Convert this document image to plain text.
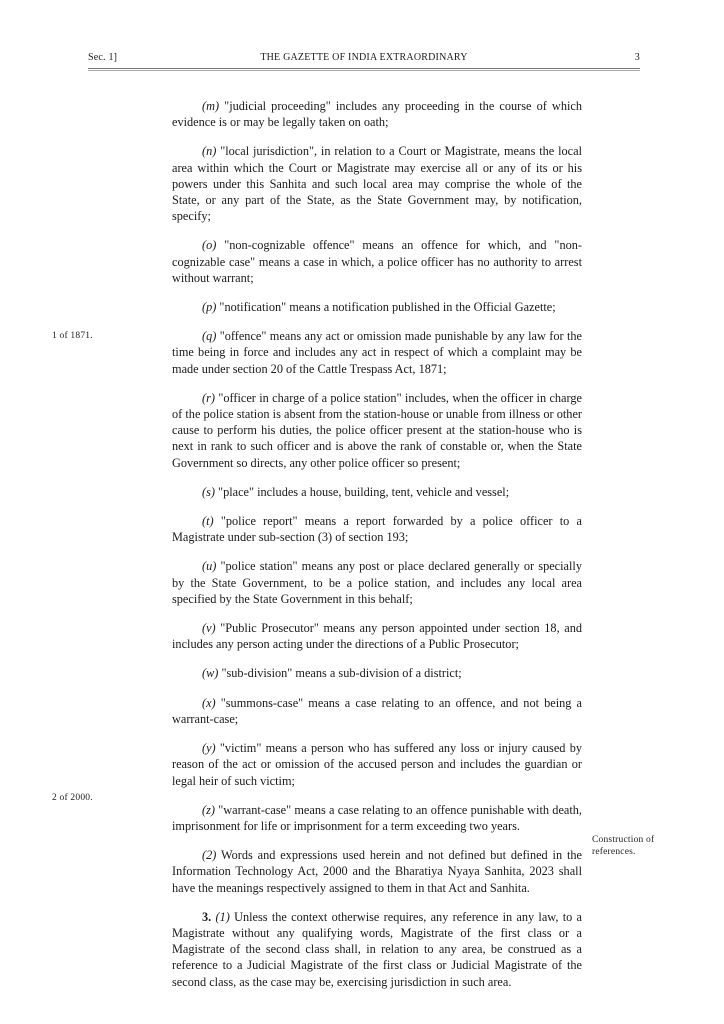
Sec. 1]	THE GAZETTE OF INDIA EXTRAORDINARY	3

(m) "judicial proceeding" includes any proceeding in the course of which evidence is or may be legally taken on oath;

(n) "local jurisdiction", in relation to a Court or Magistrate, means the local area within which the Court or Magistrate may exercise all or any of its or his powers under this Sanhita and such local area may comprise the whole of the State, or any part of the State, as the State Government may, by notification, specify;

(o) "non-cognizable offence" means an offence for which, and "non-cognizable case" means a case in which, a police officer has no authority to arrest without warrant;

(p) "notification" means a notification published in the Official Gazette;

(q) "offence" means any act or omission made punishable by any law for the time being in force and includes any act in respect of which a complaint may be made under section 20 of the Cattle Trespass Act, 1871;

(r) "officer in charge of a police station" includes, when the officer in charge of the police station is absent from the station-house or unable from illness or other cause to perform his duties, the police officer present at the station-house who is next in rank to such officer and is above the rank of constable or, when the State Government so directs, any other police officer so present;

(s) "place" includes a house, building, tent, vehicle and vessel;

(t) "police report" means a report forwarded by a police officer to a Magistrate under sub-section (3) of section 193;

(u) "police station" means any post or place declared generally or specially by the State Government, to be a police station, and includes any local area specified by the State Government in this behalf;

(v) "Public Prosecutor" means any person appointed under section 18, and includes any person acting under the directions of a Public Prosecutor;

(w) "sub-division" means a sub-division of a district;

(x) "summons-case" means a case relating to an offence, and not being a warrant-case;

(y) "victim" means a person who has suffered any loss or injury caused by reason of the act or omission of the accused person and includes the guardian or legal heir of such victim;

(z) "warrant-case" means a case relating to an offence punishable with death, imprisonment for life or imprisonment for a term exceeding two years.

(2) Words and expressions used herein and not defined but defined in the Information Technology Act, 2000 and the Bharatiya Nyaya Sanhita, 2023 shall have the meanings respectively assigned to them in that Act and Sanhita.

3. (1) Unless the context otherwise requires, any reference in any law, to a Magistrate without any qualifying words, Magistrate of the first class or a Magistrate of the second class shall, in relation to any area, be construed as a reference to a Judicial Magistrate of the first class or Judicial Magistrate of the second class, as the case may be, exercising jurisdiction in such area.

1 of 1871.
2 of 2000.
Construction of references.
